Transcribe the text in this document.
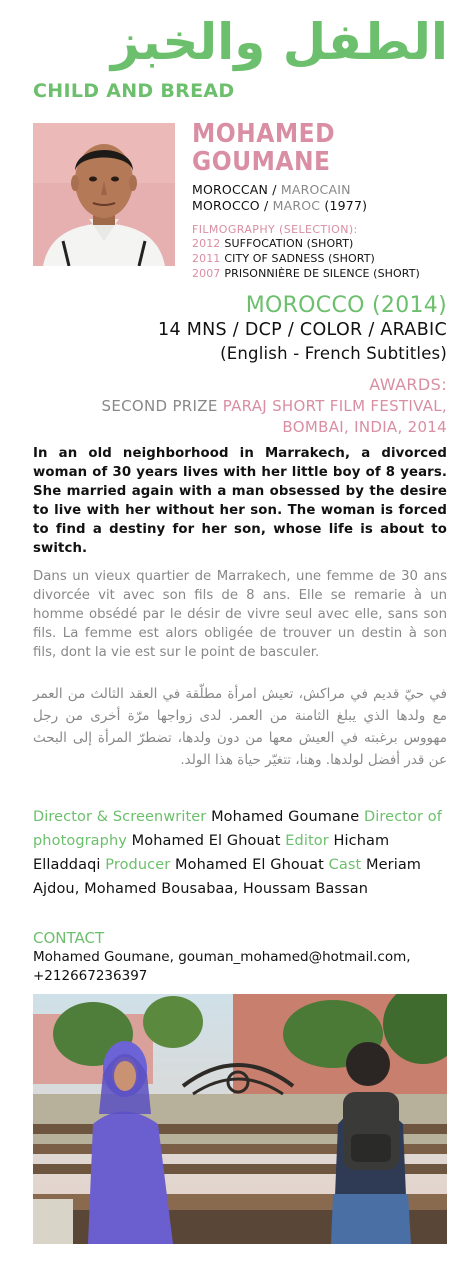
الطفل والخبز
CHILD AND BREAD
MOHAMED
GOUMANE
MOROCCAN / MAROCAIN
MOROCCO / MAROC (1977)
FILMOGRAPHY (SELECTION):
2012 SUFFOCATION (SHORT)
2011 CITY OF SADNESS (SHORT)
2007 PRISONNIÈRE DE SILENCE (SHORT)
MOROCCO (2014)
14 MNS / DCP / COLOR / ARABIC
(English - French Subtitles)
AWARDS:
SECOND PRIZE PARAJ SHORT FILM FESTIVAL, BOMBAI, INDIA, 2014
In an old neighborhood in Marrakech, a divorced woman of 30 years lives with her little boy of 8 years. She married again with a man obsessed by the desire to live with her without her son. The woman is forced to find a destiny for her son, whose life is about to switch.
Dans un vieux quartier de Marrakech, une femme de 30 ans divorcée vit avec son fils de 8 ans. Elle se remarie à un homme obsédé par le désir de vivre seul avec elle, sans son fils. La femme est alors obligée de trouver un destin à son fils, dont la vie est sur le point de basculer.
في حيّ قديم في مراكش، تعيش امرأة مطلّقة في العقد الثالث من العمر مع ولدها الذي يبلغ الثامنة من العمر. لدى زواجها مرّة أخرى من رجل مهووس برغبته في العيش معها من دون ولدها، تضطرّ المرأة إلى البحث عن قدر أفضل لولدها. وهنا، تتغيّر حياة هذا الولد.
Director & Screenwriter Mohamed Goumane Director of photography Mohamed El Ghouat Editor Hicham Elladdaqi Producer Mohamed El Ghouat Cast Meriam Ajdou, Mohamed Bousabaa, Houssam Bassan
CONTACT
Mohamed Goumane, gouman_mohamed@hotmail.com, +212667236397
